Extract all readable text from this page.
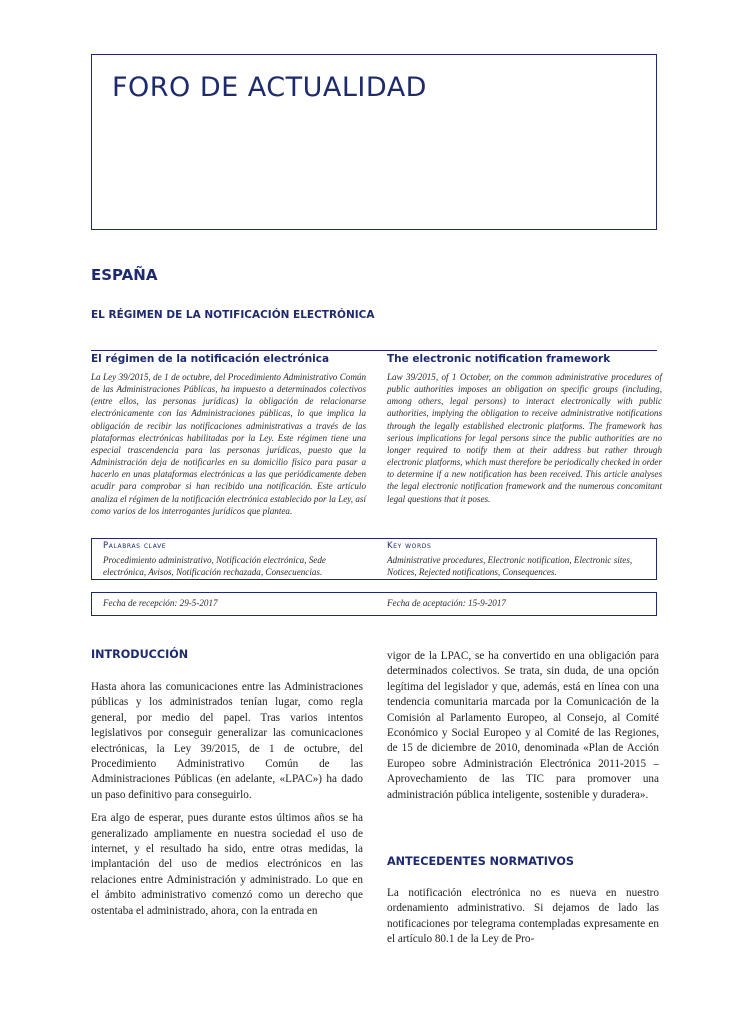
FORO DE ACTUALIDAD
ESPAÑA
EL RÉGIMEN DE LA NOTIFICACIÓN ELECTRÓNICA
El régimen de la notificación electrónica	The electronic notification framework
La Ley 39/2015, de 1 de octubre, del Procedimiento Administrativo Común de las Administraciones Públicas, ha impuesto a determinados colectivos (entre ellos, las personas jurídicas) la obligación de relacionarse electrónicamente con las Administraciones públicas, lo que implica la obligación de recibir las notificaciones administrativas a través de las plataformas electrónicas habilitadas por la Ley. Este régimen tiene una especial trascendencia para las personas jurídicas, puesto que la Administración deja de notificarles en su domicilio físico para pasar a hacerlo en unas plataformas electrónicas a las que periódicamente deben acudir para comprobar si han recibido una notificación. Este artículo analiza el régimen de la notificación electrónica establecido por la Ley, así como varios de los interrogantes jurídicos que plantea.
Law 39/2015, of 1 October, on the common administrative procedures of public authorities imposes an obligation on specific groups (including, among others, legal persons) to interact electronically with public authorities, implying the obligation to receive administrative notifications through the legally established electronic platforms. The framework has serious implications for legal persons since the public authorities are no longer required to notify them at their address but rather through electronic platforms, which must therefore be periodically checked in order to determine if a new notification has been received. This article analyses the legal electronic notification framework and the numerous concomitant legal questions that it poses.
Palabras clave	Key words
Procedimiento administrativo, Notificación electrónica, Sede electrónica, Avisos, Notificación rechazada, Consecuencias.
Administrative procedures, Electronic notification, Electronic sites, Notices, Rejected notifications, Consequences.
Fecha de recepción: 29-5-2017	Fecha de aceptación: 15-9-2017
INTRODUCCIÓN

Hasta ahora las comunicaciones entre las Administraciones públicas y los administrados tenían lugar, como regla general, por medio del papel. Tras varios intentos legislativos por conseguir generalizar las comunicaciones electrónicas, la Ley 39/2015, de 1 de octubre, del Procedimiento Administrativo Común de las Administraciones Públicas (en adelante, «LPAC») ha dado un paso definitivo para conseguirlo.

Era algo de esperar, pues durante estos últimos años se ha generalizado ampliamente en nuestra sociedad el uso de internet, y el resultado ha sido, entre otras medidas, la implantación del uso de medios electrónicos en las relaciones entre Administración y administrado. Lo que en el ámbito administrativo comenzó como un derecho que ostentaba el administrado, ahora, con la entrada en

vigor de la LPAC, se ha convertido en una obligación para determinados colectivos. Se trata, sin duda, de una opción legítima del legislador y que, además, está en línea con una tendencia comunitaria marcada por la Comunicación de la Comisión al Parlamento Europeo, al Consejo, al Comité Económico y Social Europeo y al Comité de las Regiones, de 15 de diciembre de 2010, denominada «Plan de Acción Europeo sobre Administración Electrónica 2011-2015 – Aprovechamiento de las TIC para promover una administración pública inteligente, sostenible y duradera».

ANTECEDENTES NORMATIVOS

La notificación electrónica no es nueva en nuestro ordenamiento administrativo. Si dejamos de lado las notificaciones por telegrama contempladas expresamente en el artículo 80.1 de la Ley de Pro-
